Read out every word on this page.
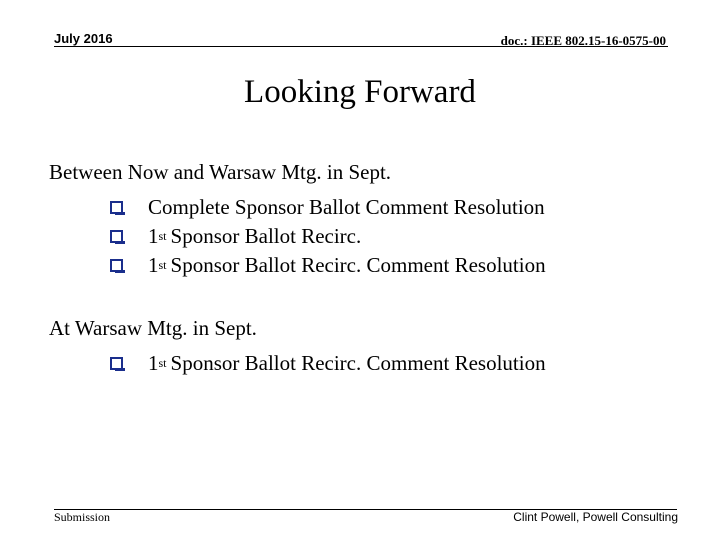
July 2016	doc.: IEEE 802.15-16-0575-00
Looking Forward
Between Now and Warsaw Mtg. in Sept.
Complete Sponsor Ballot Comment Resolution
1 st Sponsor Ballot Recirc.
1 st Sponsor Ballot Recirc. Comment Resolution
At Warsaw Mtg. in Sept.
1 st Sponsor Ballot Recirc. Comment Resolution
Submission	Clint Powell, Powell Consulting
